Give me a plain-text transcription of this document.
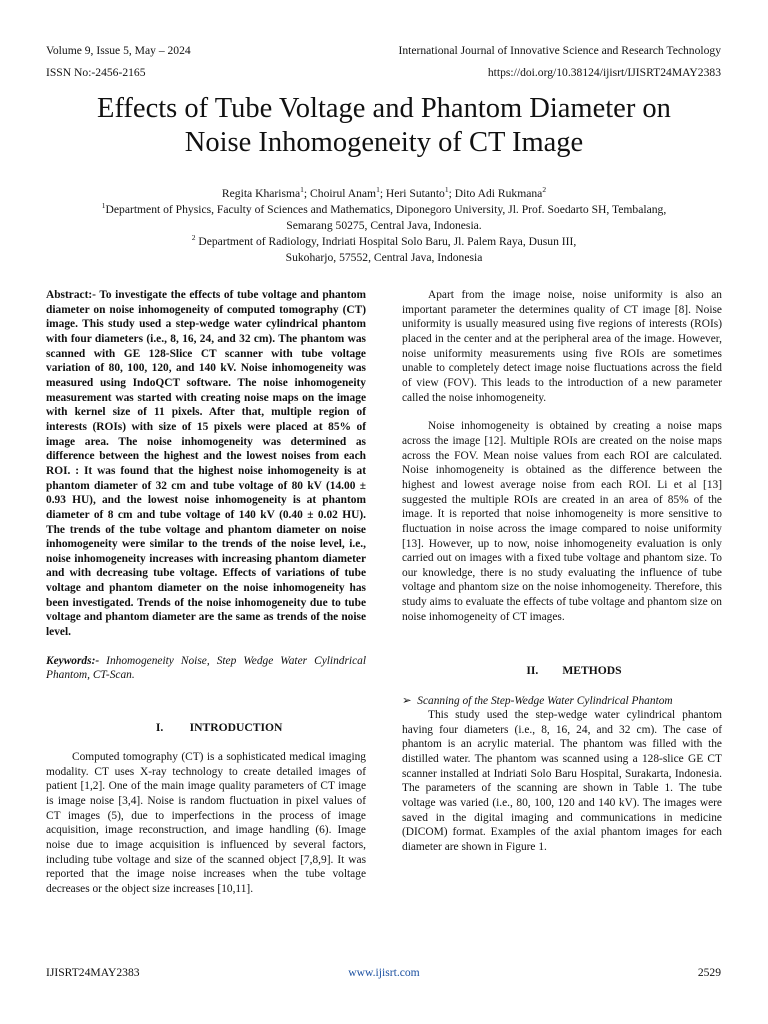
Volume 9, Issue 5, May – 2024	International Journal of Innovative Science and Research Technology
ISSN No:-2456-2165	https://doi.org/10.38124/ijisrt/IJISRT24MAY2383
Effects of Tube Voltage and Phantom Diameter on
Noise Inhomogeneity of CT Image
Regita Kharisma$^1$; Choirul Anam$^1$; Heri Sutanto$^1$; Dito Adi Rukmana$^2$
$^1$Department of Physics, Faculty of Sciences and Mathematics, Diponegoro University, Jl. Prof. Soedarto SH, Tembalang,
Semarang 50275, Central Java, Indonesia.
$^2$ Department of Radiology, Indriati Hospital Solo Baru, Jl. Palem Raya, Dusun III,
Sukoharjo, 57552, Central Java, Indonesia

Abstract:- To investigate the effects of tube voltage and phantom diameter on noise inhomogeneity of computed tomography (CT) image. This study used a step-wedge water cylindrical phantom with four diameters (i.e., 8, 16, 24, and 32 cm). The phantom was scanned with GE 128-Slice CT scanner with tube voltage variation of 80, 100, 120, and 140 kV. Noise inhomogeneity was measured using IndoQCT software. The noise inhomogeneity measurement was started with creating noise maps on the image with kernel size of 11 pixels. After that, multiple region of interests (ROIs) with size of 15 pixels were placed at 85% of image area. The noise inhomogeneity was determined as difference between the highest and the lowest noises from each ROI. : It was found that the highest noise inhomogeneity is at phantom diameter of 32 cm and tube voltage of 80 kV (14.00 ± 0.93 HU), and the lowest noise inhomogeneity is at phantom diameter of 8 cm and tube voltage of 140 kV (0.40 ± 0.02 HU). The trends of the tube voltage and phantom diameter on noise inhomogeneity were similar to the trends of the noise level, i.e., noise inhomogeneity increases with increasing phantom diameter and with decreasing tube voltage. Effects of variations of tube voltage and phantom diameter on the noise inhomogeneity has been investigated. Trends of the noise inhomogeneity due to tube voltage and phantom diameter are the same as trends of the noise level.

Keywords:- Inhomogeneity Noise, Step Wedge Water Cylindrical Phantom, CT-Scan.

I. INTRODUCTION

Computed tomography (CT) is a sophisticated medical imaging modality. CT uses X-ray technology to create detailed images of patient [1,2]. One of the main image quality parameters of CT image is image noise [3,4]. Noise is random fluctuation in pixel values of CT images (5), due to imperfections in the process of image acquisition, image reconstruction, and image handling (6). Image noise due to image acquisition is influenced by several factors, including tube voltage and size of the scanned object [7,8,9]. It was reported that the image noise increases when the tube voltage decreases or the object size increases [10,11].

Apart from the image noise, noise uniformity is also an important parameter the determines quality of CT image [8]. Noise uniformity is usually measured using five regions of interests (ROIs) placed in the center and at the peripheral area of the image. However, noise uniformity measurements using five ROIs are sometimes unable to completely detect image noise fluctuations across the field of view (FOV). This leads to the introduction of a new parameter called the noise inhomogeneity.

Noise inhomogeneity is obtained by creating a noise maps across the image [12]. Multiple ROIs are created on the noise maps across the FOV. Mean noise values from each ROI are calculated. Noise inhomogeneity is obtained as the difference between the highest and lowest average noise from each ROI. Li et al [13] suggested the multiple ROIs are created in an area of 85% of the image. It is reported that noise inhomogeneity is more sensitive to fluctuation in noise across the image compared to noise uniformity [13]. However, up to now, noise inhomogeneity evaluation is only carried out on images with a fixed tube voltage and phantom size. To our knowledge, there is no study evaluating the influence of tube voltage and phantom size on the noise inhomogeneity. Therefore, this study aims to evaluate the effects of tube voltage and phantom size on noise inhomogeneity of CT images.

II. METHODS
➢ Scanning of the Step-Wedge Water Cylindrical Phantom

This study used the step-wedge water cylindrical phantom having four diameters (i.e., 8, 16, 24, and 32 cm). The case of phantom is an acrylic material. The phantom was filled with the distilled water. The phantom was scanned using a 128-slice GE CT scanner installed at Indriati Solo Baru Hospital, Surakarta, Indonesia. The parameters of the scanning are shown in Table 1. The tube voltage was varied (i.e., 80, 100, 120 and 140 kV). The images were saved in the digital imaging and communications in medicine (DICOM) format. Examples of the axial phantom images for each diameter are shown in Figure 1.

IJISRT24MAY2383	www.ijisrt.com	2529
